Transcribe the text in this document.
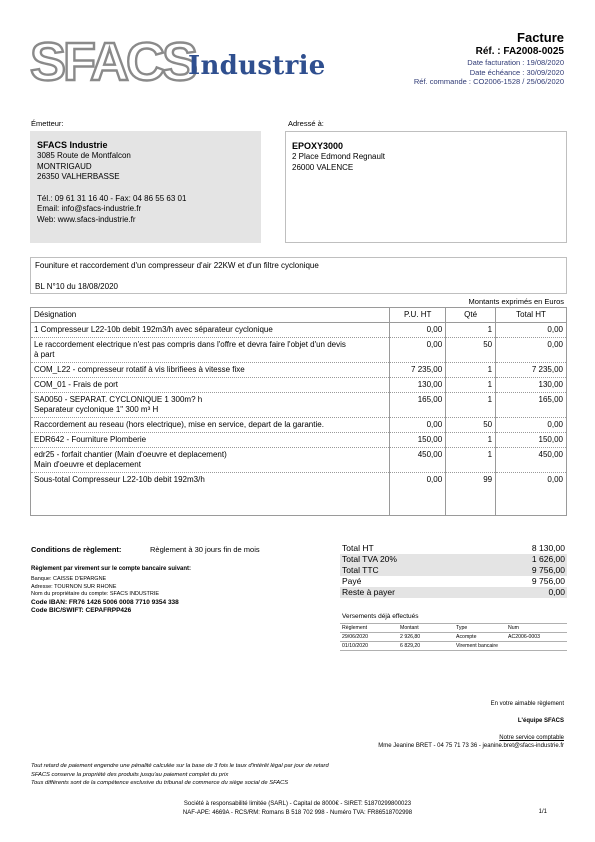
SFACS
Industrie
Facture
Réf. : FA2008-0025
Date facturation : 19/08/2020
Date échéance : 30/09/2020
Réf. commande : CO2006-1528 / 25/06/2020
Émetteur:
SFACS Industrie
3085 Route de Montfalcon
MONTRIGAUD
26350 VALHERBASSE
Tél.: 09 61 31 16 40 - Fax: 04 86 55 63 01
Email: info@sfacs-industrie.fr
Web: www.sfacs-industrie.fr
Adressé à:
EPOXY3000
2 Place Edmond Regnault
26000 VALENCE
Founiture et raccordement d'un compresseur d'air 22KW et d'un filtre cyclonique
BL N°10 du 18/08/2020
Montants exprimés en Euros
Désignation	P.U. HT	Qté	Total HT

1 Compresseur L22-10b debit 192m3/h avec séparateur cyclonique	0,00	1	0,00

Le raccordement electrique n'est pas compris dans l'offre et devra faire l'objet d'un devis
à part	0,00	50	0,00

COM_L22 - compresseur rotatif à vis librifiees à vitesse fixe	7 235,00	1	7 235,00

COM_01 - Frais de port	130,00	1	130,00

SA0050 - SEPARAT. CYCLONIQUE 1 300m? h
Separateur cyclonique 1" 300 m³ H	165,00	1	165,00

Raccordement au reseau (hors electrique), mise en service, depart de la garantie.	0,00	50	0,00

EDR642 - Fourniture Plomberie	150,00	1	150,00

edr25 - forfait chantier (Main d'oeuvre et deplacement)
Main d'oeuvre et deplacement	450,00	1	450,00

Sous-total Compresseur L22-10b debit 192m3/h	0,00	99	0,00
Conditions de règlement:	Règlement à 30 jours fin de mois
Règlement par virement sur le compte bancaire suivant:
Banque: CAISSE D'EPARGNE
Adresse: TOURNON SUR RHONE
Nom du propriétaire du compte: SFACS INDUSTRIE
Code IBAN: FR76 1426 5006 0008 7710 9354 338
Code BIC/SWIFT: CEPAFRPP426
Total HT	8 130,00
Total TVA 20%	1 626,00
Total TTC	9 756,00
Payé	9 756,00
Reste à payer	0,00
Versements déjà effectués
Règlement	Montant	Type	Num
29/06/2020	2 926,80	Acompte	AC2006-0003
01/10/2020	6 829,20	Virement bancaire	
En votre aimable règlement
L'équipe SFACS
Notre service comptable
Mme Jeanine BRET - 04 75 71 73 36 - jeanine.bret@sfacs-industrie.fr
Tout retard de paiement engendre une pénalité calculée sur la base de 3 fois le taux d'intérêt légal par jour de retard
SFACS conserve la propriété des produits jusqu'au paiement complet du prix
Tous différents sont de la compétence exclusive du tribunal de commerce du siège social de SFACS
Société à responsabilité limitée (SARL) - Capital de 8000€ - SIRET: 51870299800023
NAF-APE: 4669A - RCS/RM: Romans B 518 702 998 - Numéro TVA: FR86518702998	1/1
